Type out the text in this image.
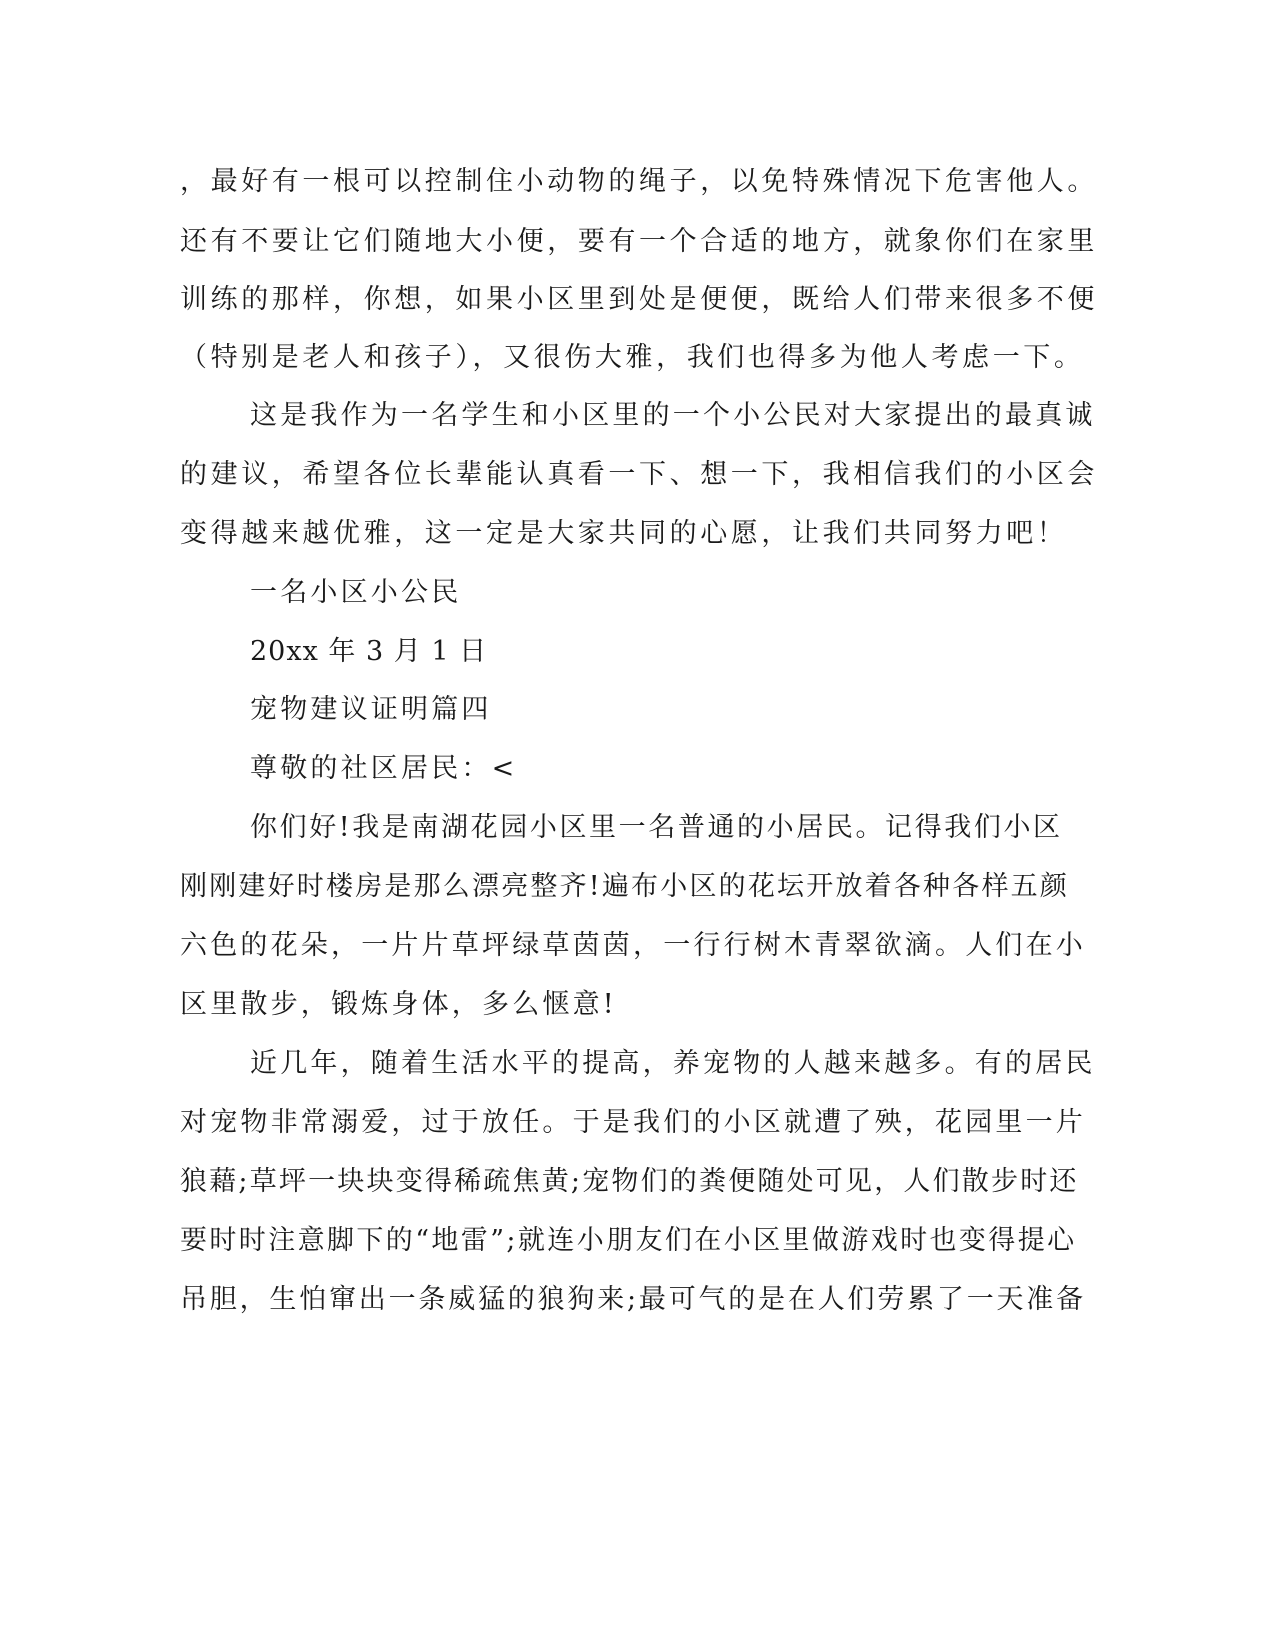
，最好有一根可以控制住小动物的绳子，以免特殊情况下危害他人。
还有不要让它们随地大小便，要有一个合适的地方，就象你们在家里
训练的那样，你想，如果小区里到处是便便，既给人们带来很多不便
（特别是老人和孩子），又很伤大雅，我们也得多为他人考虑一下。
这是我作为一名学生和小区里的一个小公民对大家提出的最真诚
的建议，希望各位长辈能认真看一下、想一下，我相信我们的小区会
变得越来越优雅，这一定是大家共同的心愿，让我们共同努力吧！
一名小区小公民
20xx 年 3 月 1 日
宠物建议证明篇四
尊敬的社区居民：<
你们好!我是南湖花园小区里一名普通的小居民。记得我们小区
刚刚建好时楼房是那么漂亮整齐!遍布小区的花坛开放着各种各样五颜
六色的花朵，一片片草坪绿草茵茵，一行行树木青翠欲滴。人们在小
区里散步，锻炼身体，多么惬意!
近几年，随着生活水平的提高，养宠物的人越来越多。有的居民
对宠物非常溺爱，过于放任。于是我们的小区就遭了殃，花园里一片
狼藉;草坪一块块变得稀疏焦黄;宠物们的粪便随处可见，人们散步时还
要时时注意脚下的“地雷”;就连小朋友们在小区里做游戏时也变得提心
吊胆，生怕窜出一条威猛的狼狗来;最可气的是在人们劳累了一天准备
